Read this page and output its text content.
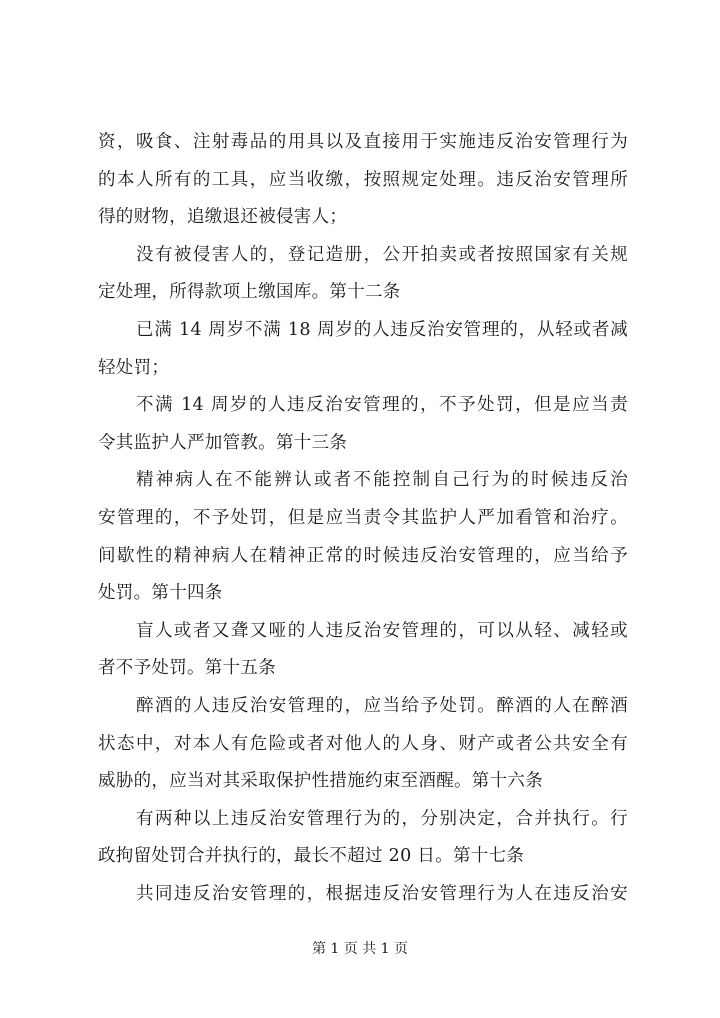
资，吸食、注射毒品的用具以及直接用于实施违反治安管理行为
的本人所有的工具，应当收缴，按照规定处理。违反治安管理所
得的财物，追缴退还被侵害人；
没有被侵害人的，登记造册，公开拍卖或者按照国家有关规
定处理，所得款项上缴国库。第十二条
已满 14 周岁不满 18 周岁的人违反治安管理的，从轻或者减
轻处罚；
不满 14 周岁的人违反治安管理的，不予处罚，但是应当责
令其监护人严加管教。第十三条
精神病人在不能辨认或者不能控制自己行为的时候违反治
安管理的，不予处罚，但是应当责令其监护人严加看管和治疗。
间歇性的精神病人在精神正常的时候违反治安管理的，应当给予
处罚。第十四条
盲人或者又聋又哑的人违反治安管理的，可以从轻、减轻或
者不予处罚。第十五条
醉酒的人违反治安管理的，应当给予处罚。醉酒的人在醉酒
状态中，对本人有危险或者对他人的人身、财产或者公共安全有
威胁的，应当对其采取保护性措施约束至酒醒。第十六条
有两种以上违反治安管理行为的，分别决定，合并执行。行
政拘留处罚合并执行的，最长不超过 20 日。第十七条
共同违反治安管理的，根据违反治安管理行为人在违反治安
第 1 页 共 1 页
